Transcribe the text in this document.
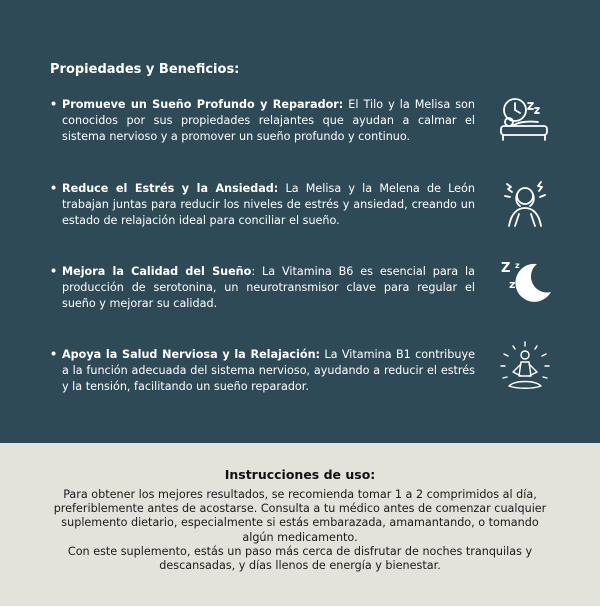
Propiedades y Beneficios:
• Promueve un Sueño Profundo y Reparador: El Tilo y la Melisa son conocidos por sus propiedades relajantes que ayudan a calmar el sistema nervioso y a promover un sueño profundo y continuo.
• Reduce el Estrés y la Ansiedad: La Melisa y la Melena de León trabajan juntas para reducir los niveles de estrés y ansiedad, creando un estado de relajación ideal para conciliar el sueño.
• Mejora la Calidad del Sueño: La Vitamina B6 es esencial para la producción de serotonina, un neurotransmisor clave para regular el sueño y mejorar su calidad.
Z z
z
• Apoya la Salud Nerviosa y la Relajación: La Vitamina B1 contribuye a la función adecuada del sistema nervioso, ayudando a reducir el estrés y la tensión, facilitando un sueño reparador.
Instrucciones de uso:

Para obtener los mejores resultados, se recomienda tomar 1 a 2 comprimidos al día, preferiblemente antes de acostarse. Consulta a tu médico antes de comenzar cualquier suplemento dietario, especialmente si estás embarazada, amamantando, o tomando algún medicamento.

Con este suplemento, estás un paso más cerca de disfrutar de noches tranquilas y descansadas, y días llenos de energía y bienestar.
